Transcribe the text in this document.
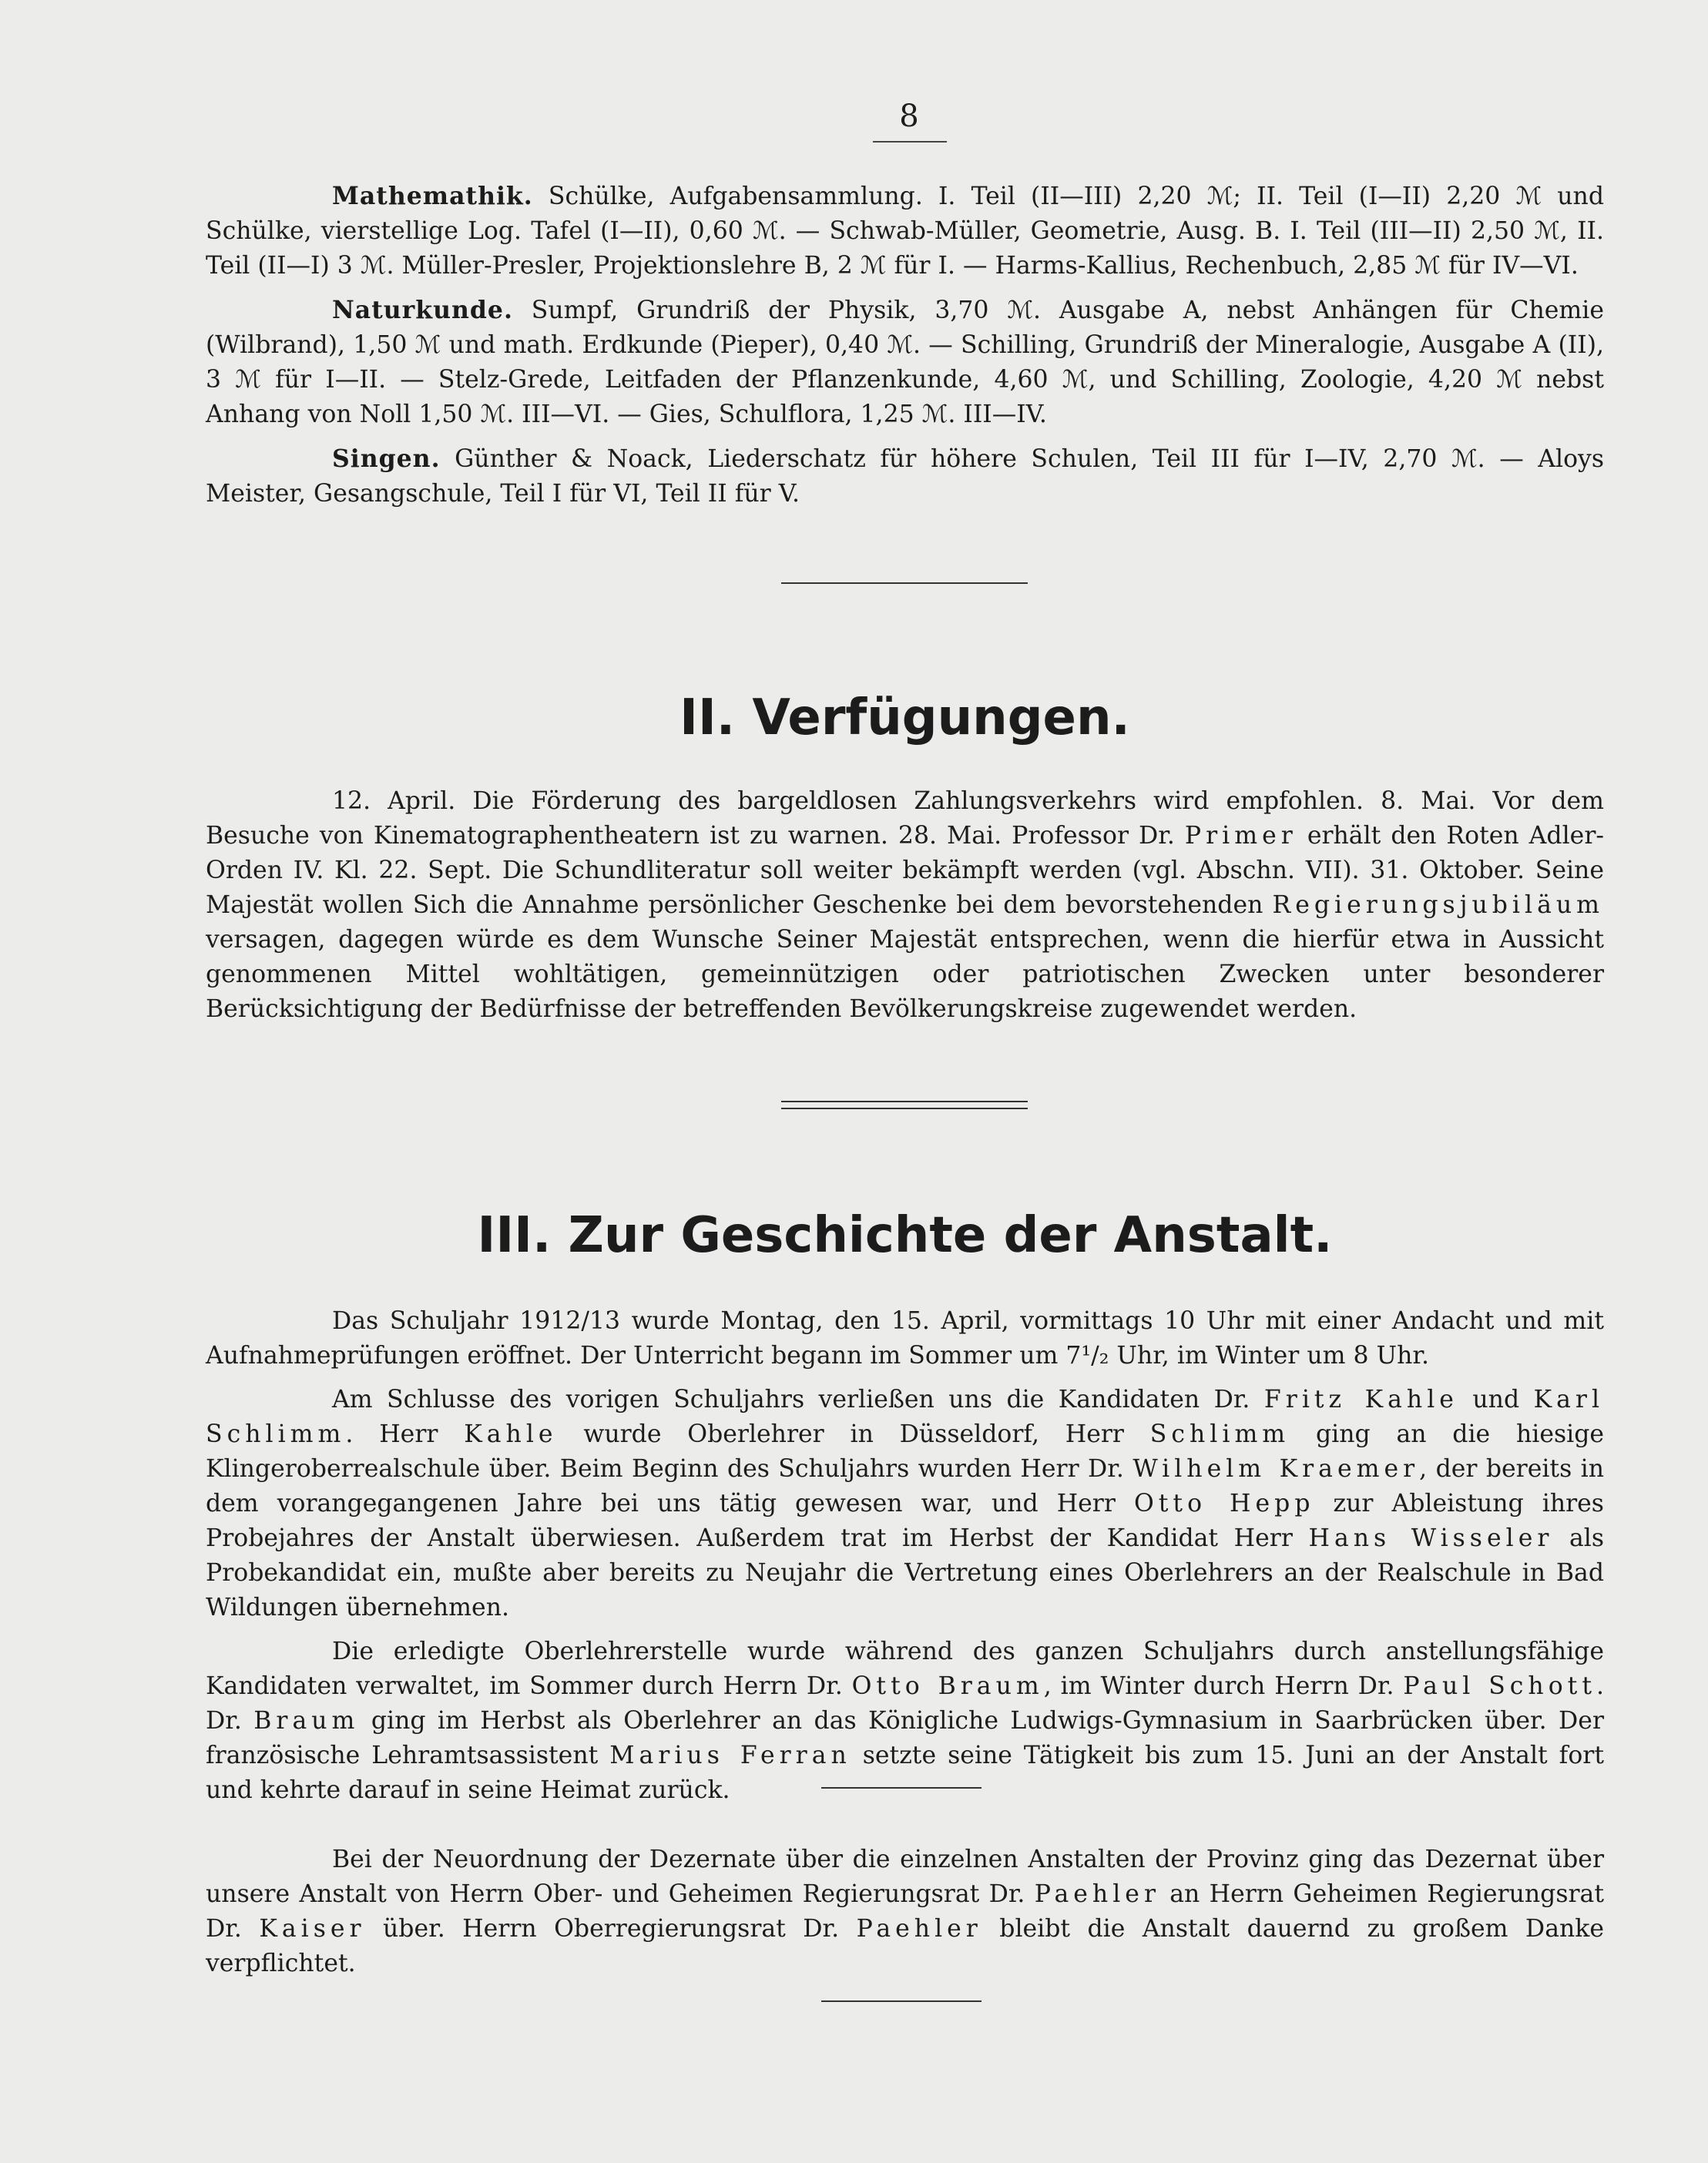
8

Mathemathik. Schülke, Aufgabensammlung. I. Teil (II—III) 2,20 ℳ; II. Teil (I—II) 2,20 ℳ und Schülke, vierstellige Log. Tafel (I—II), 0,60 ℳ. — Schwab-Müller, Geometrie, Ausg. B. I. Teil (III—II) 2,50 ℳ, II. Teil (II—I) 3 ℳ. Müller-Presler, Projektionslehre B, 2 ℳ für I. — Harms-Kallius, Rechenbuch, 2,85 ℳ für IV—VI.

Naturkunde. Sumpf, Grundriß der Physik, 3,70 ℳ. Ausgabe A, nebst Anhängen für Chemie (Wilbrand), 1,50 ℳ und math. Erdkunde (Pieper), 0,40 ℳ. — Schilling, Grundriß der Mineralogie, Ausgabe A (II), 3 ℳ für I—II. — Stelz-Grede, Leitfaden der Pflanzenkunde, 4,60 ℳ, und Schilling, Zoologie, 4,20 ℳ nebst Anhang von Noll 1,50 ℳ. III—VI. — Gies, Schulflora, 1,25 ℳ. III—IV.

Singen. Günther & Noack, Liederschatz für höhere Schulen, Teil III für I—IV, 2,70 ℳ. — Aloys Meister, Gesangschule, Teil I für VI, Teil II für V.

II. Verfügungen.

12. April. Die Förderung des bargeldlosen Zahlungsverkehrs wird empfohlen. 8. Mai. Vor dem Besuche von Kinematographentheatern ist zu warnen. 28. Mai. Professor Dr. Primer erhält den Roten Adler-Orden IV. Kl. 22. Sept. Die Schundliteratur soll weiter bekämpft werden (vgl. Abschn. VII). 31. Oktober. Seine Majestät wollen Sich die Annahme persönlicher Geschenke bei dem bevorstehenden Regierungsjubiläum versagen, dagegen würde es dem Wunsche Seiner Majestät entsprechen, wenn die hierfür etwa in Aussicht genommenen Mittel wohltätigen, gemeinnützigen oder patriotischen Zwecken unter besonderer Berücksichtigung der Bedürfnisse der betreffenden Bevölkerungskreise zugewendet werden.

III. Zur Geschichte der Anstalt.

Das Schuljahr 1912/13 wurde Montag, den 15. April, vormittags 10 Uhr mit einer Andacht und mit Aufnahmeprüfungen eröffnet. Der Unterricht begann im Sommer um 7¹/₂ Uhr, im Winter um 8 Uhr.

Am Schlusse des vorigen Schuljahrs verließen uns die Kandidaten Dr. Fritz Kahle und Karl Schlimm. Herr Kahle wurde Oberlehrer in Düsseldorf, Herr Schlimm ging an die hiesige Klingeroberrealschule über. Beim Beginn des Schuljahrs wurden Herr Dr. Wilhelm Kraemer, der bereits in dem vorangegangenen Jahre bei uns tätig gewesen war, und Herr Otto Hepp zur Ableistung ihres Probejahres der Anstalt überwiesen. Außerdem trat im Herbst der Kandidat Herr Hans Wisseler als Probekandidat ein, mußte aber bereits zu Neujahr die Vertretung eines Oberlehrers an der Realschule in Bad Wildungen übernehmen.

Die erledigte Oberlehrerstelle wurde während des ganzen Schuljahrs durch anstellungsfähige Kandidaten verwaltet, im Sommer durch Herrn Dr. Otto Braum, im Winter durch Herrn Dr. Paul Schott. Dr. Braum ging im Herbst als Oberlehrer an das Königliche Ludwigs-Gymnasium in Saarbrücken über. Der französische Lehramtsassistent Marius Ferran setzte seine Tätigkeit bis zum 15. Juni an der Anstalt fort und kehrte darauf in seine Heimat zurück.

Bei der Neuordnung der Dezernate über die einzelnen Anstalten der Provinz ging das Dezernat über unsere Anstalt von Herrn Ober- und Geheimen Regierungsrat Dr. Paehler an Herrn Geheimen Regierungsrat Dr. Kaiser über. Herrn Oberregierungsrat Dr. Paehler bleibt die Anstalt dauernd zu großem Danke verpflichtet.
